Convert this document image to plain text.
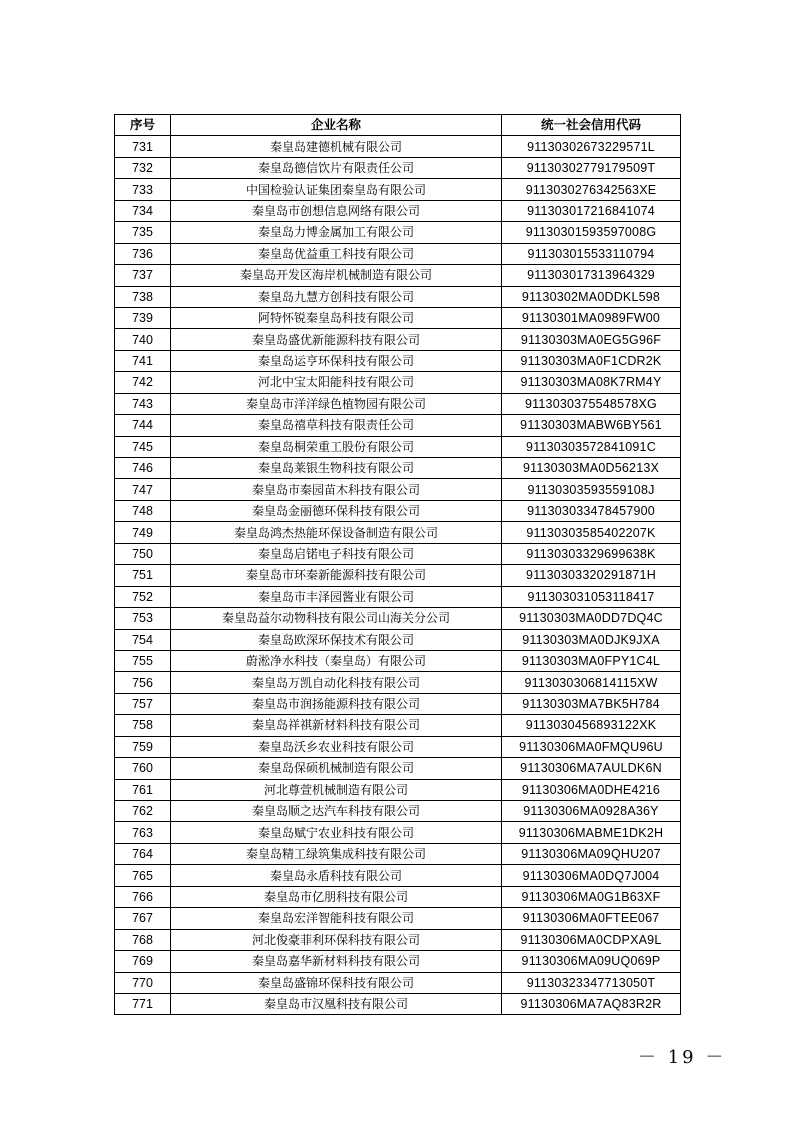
序号	企业名称	统一社会信用代码
731	秦皇岛建德机械有限公司	91130302673229571L
732	秦皇岛德信饮片有限责任公司	91130302779179509T
733	中国检验认证集团秦皇岛有限公司	9113030276342563XE
734	秦皇岛市创想信息网络有限公司	911303017216841074
735	秦皇岛力博金属加工有限公司	91130301593597008G
736	秦皇岛优益重工科技有限公司	911303015533110794
737	秦皇岛开发区海岸机械制造有限公司	911303017313964329
738	秦皇岛九慧方创科技有限公司	91130302MA0DDKL598
739	阿特怀锐秦皇岛科技有限公司	91130301MA0989FW00
740	秦皇岛盛优新能源科技有限公司	91130303MA0EG5G96F
741	秦皇岛运亨环保科技有限公司	91130303MA0F1CDR2K
742	河北中宝太阳能科技有限公司	91130303MA08K7RM4Y
743	秦皇岛市洋洋绿色植物园有限公司	9113030375548578XG
744	秦皇岛禧草科技有限责任公司	91130303MABW6BY561
745	秦皇岛桐荣重工股份有限公司	91130303572841091C
746	秦皇岛莱银生物科技有限公司	91130303MA0D56213X
747	秦皇岛市秦园苗木科技有限公司	91130303593559108J
748	秦皇岛金丽德环保科技有限公司	911303033478457900
749	秦皇岛鸿杰热能环保设备制造有限公司	91130303585402207K
750	秦皇岛启锘电子科技有限公司	91130303329699638K
751	秦皇岛市环秦新能源科技有限公司	91130303320291871H
752	秦皇岛市丰泽园酱业有限公司	911303031053118417
753	秦皇岛益尔动物科技有限公司山海关分公司	91130303MA0DD7DQ4C
754	秦皇岛欧深环保技术有限公司	91130303MA0DJK9JXA
755	蔚淞净水科技（秦皇岛）有限公司	91130303MA0FPY1C4L
756	秦皇岛万凯自动化科技有限公司	9113030306814115XW
757	秦皇岛市润扬能源科技有限公司	91130303MA7BK5H784
758	秦皇岛祥祺新材料科技有限公司	9113030456893122XK
759	秦皇岛沃乡农业科技有限公司	91130306MA0FMQU96U
760	秦皇岛保硕机械制造有限公司	91130306MA7AULDK6N
761	河北尊萱机械制造有限公司	91130306MA0DHE4216
762	秦皇岛顺之达汽车科技有限公司	91130306MA0928A36Y
763	秦皇岛赋宁农业科技有限公司	91130306MABME1DK2H
764	秦皇岛精工绿筑集成科技有限公司	91130306MA09QHU207
765	秦皇岛永盾科技有限公司	91130306MA0DQ7J004
766	秦皇岛市亿朋科技有限公司	91130306MA0G1B63XF
767	秦皇岛宏洋智能科技有限公司	91130306MA0FTEE067
768	河北俊豪菲利环保科技有限公司	91130306MA0CDPXA9L
769	秦皇岛嘉华新材料科技有限公司	91130306MA09UQ069P
770	秦皇岛盛锦环保科技有限公司	91130323347713050T
771	秦皇岛市汉凰科技有限公司	91130306MA7AQ83R2R
－ 19 －
